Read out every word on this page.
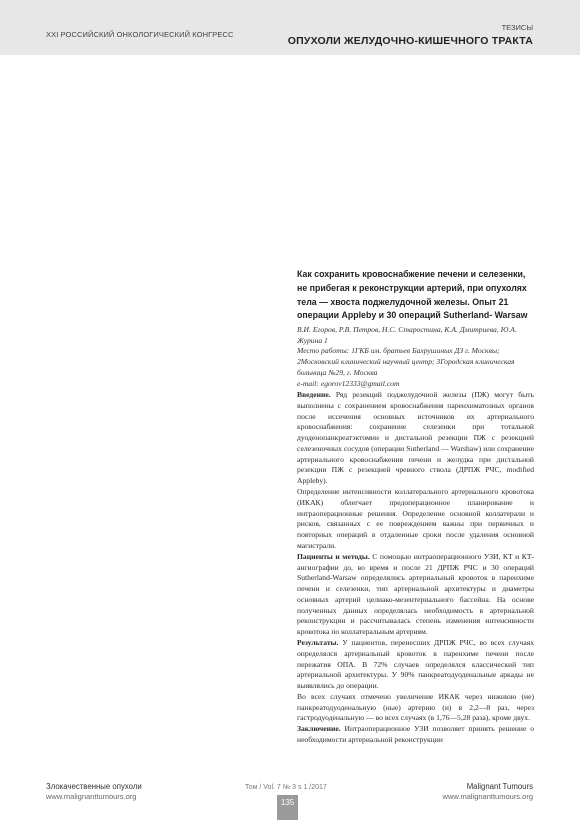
XXI РОССИЙСКИЙ ОНКОЛОГИЧЕСКИЙ КОНГРЕСС
ТЕЗИСЫ
ОПУХОЛИ ЖЕЛУДОЧНО-КИШЕЧНОГО ТРАКТА
Как сохранить кровоснабжение печени и селезенки, не прибегая к реконструкции артерий, при опухолях тела — хвоста поджелудочной железы. Опыт 21 операции Appleby и 30 операций Sutherland- Warsaw
В.И. Егоров, Р.В. Петров, Н.С. Старостина, К.А. Дмитриева, Ю.А. Журина 1
Место работы: 1ГКБ им. братьев Бахрушиных ДЗ г. Москвы; 2Московский клинический научный центр; 3Городская клиническая больница №29, г. Москва
e-mail: egorov12333@gmail.com

Введение. Ряд резекций поджелудочной железы (ПЖ) могут быть выполнены с сохранением кровоснабжения паренхиматозных органов после иссечения основных источников их артериального кровоснабжения: сохранение селезенки при тотальной дуоденопанкреатэктомии и дистальной резекции ПЖ с резекцией селезеночных сосудов (операции Sutherland — Warshaw) или сохранение артериального кровоснабжения печени и желудка при дистальной резекции ПЖ с резекцией чревного ствола (ДРПЖ РЧС, modified Appleby).

Определение интенсивности коллатерального артериального кровотока (ИКАК) облегчает предоперационное планирование и интраоперационные решения. Определение основной коллатерали и рисков, связанных с ее повреждением важны при первичных и повторных операций в отдаленные сроки после удаления основной магистрали.

Пациенты и методы. С помощью интраоперационного УЗИ, КТ и КТ-ангиографии до, во время и после 21 ДРПЖ РЧС и 30 операций Sutherland-Warsaw определялись артериальный кровоток в паренхиме печени и селезенки, тип артериальной архитектуры и диаметры основных артерий целиако-мезентериального бассейна. На основе полученных данных определялась необходимость в артериальной реконструкции и рассчитывалась степень изменения интенсивности кровотока по коллатеральным артериям.

Результаты. У пациентов, перенесших ДРПЖ РЧС, во всех случаях определялся артериальный кровоток в паренхиме печени после пережатия ОПА. В 72% случаев определялся классический тип артериальной архитектуры. У 90% панкреатодуоденальные аркады не выявлялись до операции.

Во всех случаях отмечено увеличение ИКАК через нижнюю (ие) панкреатодуоденальную (ные) артерию (и) в 2,2—8 раз, через гастродуоденальную — во всех случаях (в 1,76—5,28 раза), кроме двух.

Заключение. Интраоперационное УЗИ позволяет принять решение о необходимости артериальной реконструкции

Злокачественные опухоли
www.malignanttumours.org
Том / Vol. 7 № 3 s 1 /2017
135
Malignant Tumours
www.malignanttumours.org
